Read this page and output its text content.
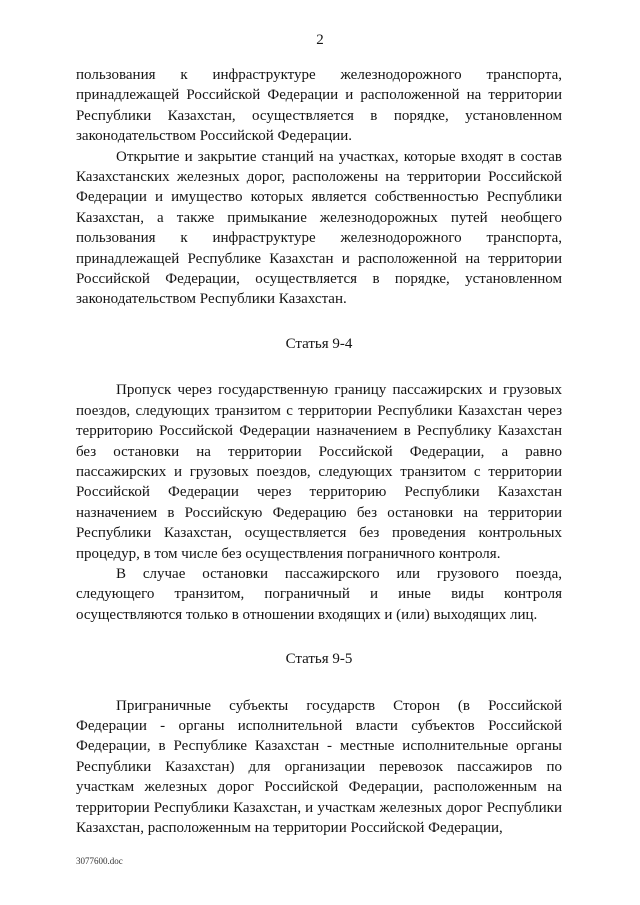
2

пользования к инфраструктуре железнодорожного транспорта, принадлежащей Российской Федерации и расположенной на территории Республики Казахстан, осуществляется в порядке, установленном законодательством Российской Федерации.

Открытие и закрытие станций на участках, которые входят в состав Казахстанских железных дорог, расположены на территории Российской Федерации и имущество которых является собственностью Республики Казахстан, а также примыкание железнодорожных путей необщего пользования к инфраструктуре железнодорожного транспорта, принадлежащей Республике Казахстан и расположенной на территории Российской Федерации, осуществляется в порядке, установленном законодательством Республики Казахстан.

Статья 9-4

Пропуск через государственную границу пассажирских и грузовых поездов, следующих транзитом с территории Республики Казахстан через территорию Российской Федерации назначением в Республику Казахстан без остановки на территории Российской Федерации, а равно пассажирских и грузовых поездов, следующих транзитом с территории Российской Федерации через территорию Республики Казахстан назначением в Российскую Федерацию без остановки на территории Республики Казахстан, осуществляется без проведения контрольных процедур, в том числе без осуществления пограничного контроля.

В случае остановки пассажирского или грузового поезда, следующего транзитом, пограничный и иные виды контроля осуществляются только в отношении входящих и (или) выходящих лиц.

Статья 9-5

Приграничные субъекты государств Сторон (в Российской Федерации - органы исполнительной власти субъектов Российской Федерации, в Республике Казахстан - местные исполнительные органы Республики Казахстан) для организации перевозок пассажиров по участкам железных дорог Российской Федерации, расположенным на территории Республики Казахстан, и участкам железных дорог Республики Казахстан, расположенным на территории Российской Федерации,

3077600.doc
